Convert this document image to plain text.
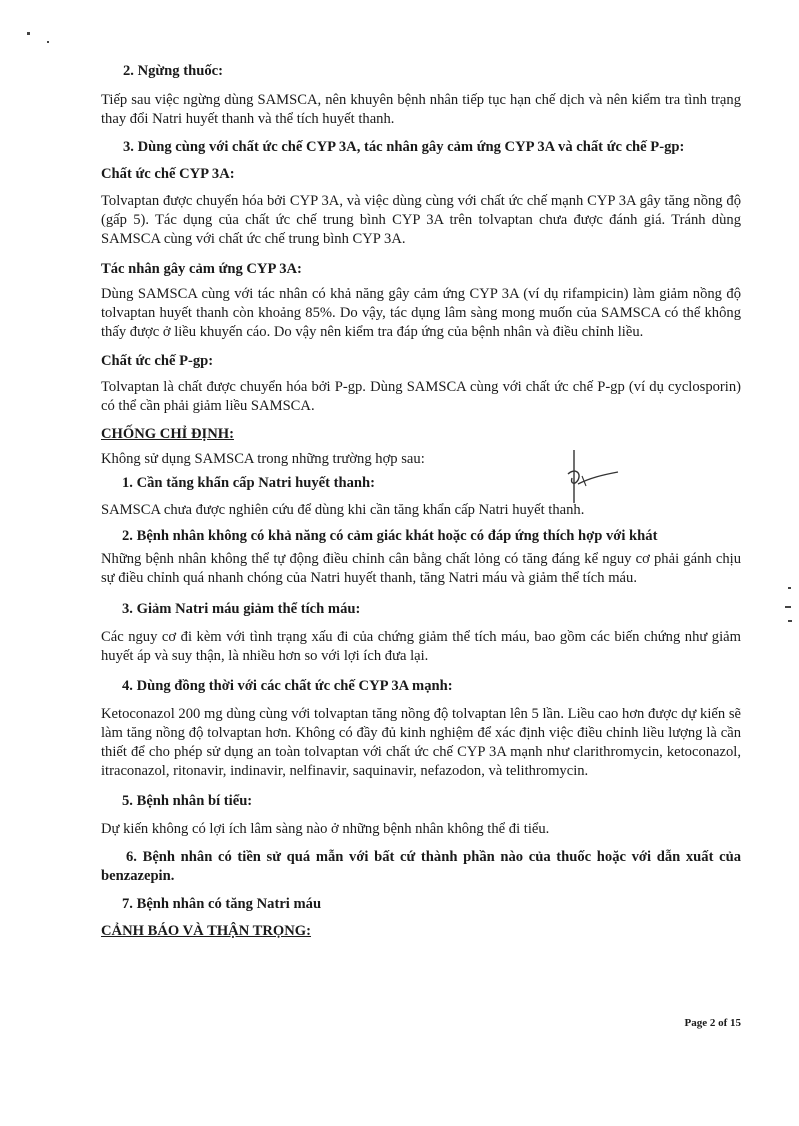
2. Ngừng thuốc:

Tiếp sau việc ngừng dùng SAMSCA, nên khuyên bệnh nhân tiếp tục hạn chế dịch và nên kiểm tra tình trạng thay đổi Natri huyết thanh và thể tích huyết thanh.

3. Dùng cùng với chất ức chế CYP 3A, tác nhân gây cảm ứng CYP 3A và chất ức chế P-gp:

Chất ức chế CYP 3A:

Tolvaptan được chuyển hóa bởi CYP 3A, và việc dùng cùng với chất ức chế mạnh CYP 3A gây tăng nồng độ (gấp 5). Tác dụng của chất ức chế trung bình CYP 3A trên tolvaptan chưa được đánh giá. Tránh dùng SAMSCA cùng với chất ức chế trung bình CYP 3A.

Tác nhân gây cảm ứng CYP 3A:

Dùng SAMSCA cùng với tác nhân có khả năng gây cảm ứng CYP 3A (ví dụ rifampicin) làm giảm nồng độ tolvaptan huyết thanh còn khoảng 85%. Do vậy, tác dụng lâm sàng mong muốn của SAMSCA có thể không thấy được ở liều khuyến cáo. Do vậy nên kiểm tra đáp ứng của bệnh nhân và điều chỉnh liều.

Chất ức chế P-gp:

Tolvaptan là chất được chuyển hóa bởi P-gp. Dùng SAMSCA cùng với chất ức chế P-gp (ví dụ cyclosporin) có thể cần phải giảm liều SAMSCA.

CHỐNG CHỈ ĐỊNH:

Không sử dụng SAMSCA trong những trường hợp sau:

1. Cần tăng khẩn cấp Natri huyết thanh:

SAMSCA chưa được nghiên cứu để dùng khi cần tăng khẩn cấp Natri huyết thanh.

2. Bệnh nhân không có khả năng có cảm giác khát hoặc có đáp ứng thích hợp với khát

Những bệnh nhân không thể tự động điều chỉnh cân bằng chất lỏng có tăng đáng kể nguy cơ phải gánh chịu sự điều chỉnh quá nhanh chóng của Natri huyết thanh, tăng Natri máu và giảm thể tích máu.

3. Giảm Natri máu giảm thể tích máu:

Các nguy cơ đi kèm với tình trạng xấu đi của chứng giảm thể tích máu, bao gồm các biến chứng như giảm huyết áp và suy thận, là nhiều hơn so với lợi ích đưa lại.

4. Dùng đồng thời với các chất ức chế CYP 3A mạnh:

Ketoconazol 200 mg dùng cùng với tolvaptan tăng nồng độ tolvaptan lên 5 lần. Liều cao hơn được dự kiến sẽ làm tăng nồng độ tolvaptan hơn. Không có đầy đủ kinh nghiệm để xác định việc điều chỉnh liều lượng là cần thiết để cho phép sử dụng an toàn tolvaptan với chất ức chế CYP 3A mạnh như clarithromycin, ketoconazol, itraconazol, ritonavir, indinavir, nelfinavir, saquinavir, nefazodon, và telithromycin.

5. Bệnh nhân bí tiểu:

Dự kiến không có lợi ích lâm sàng nào ở những bệnh nhân không thể đi tiểu.

6. Bệnh nhân có tiền sử quá mẫn với bất cứ thành phần nào của thuốc hoặc với dẫn xuất của benzazepin.

7. Bệnh nhân có tăng Natri máu

CẢNH BÁO VÀ THẬN TRỌNG:

Page 2 of 15
